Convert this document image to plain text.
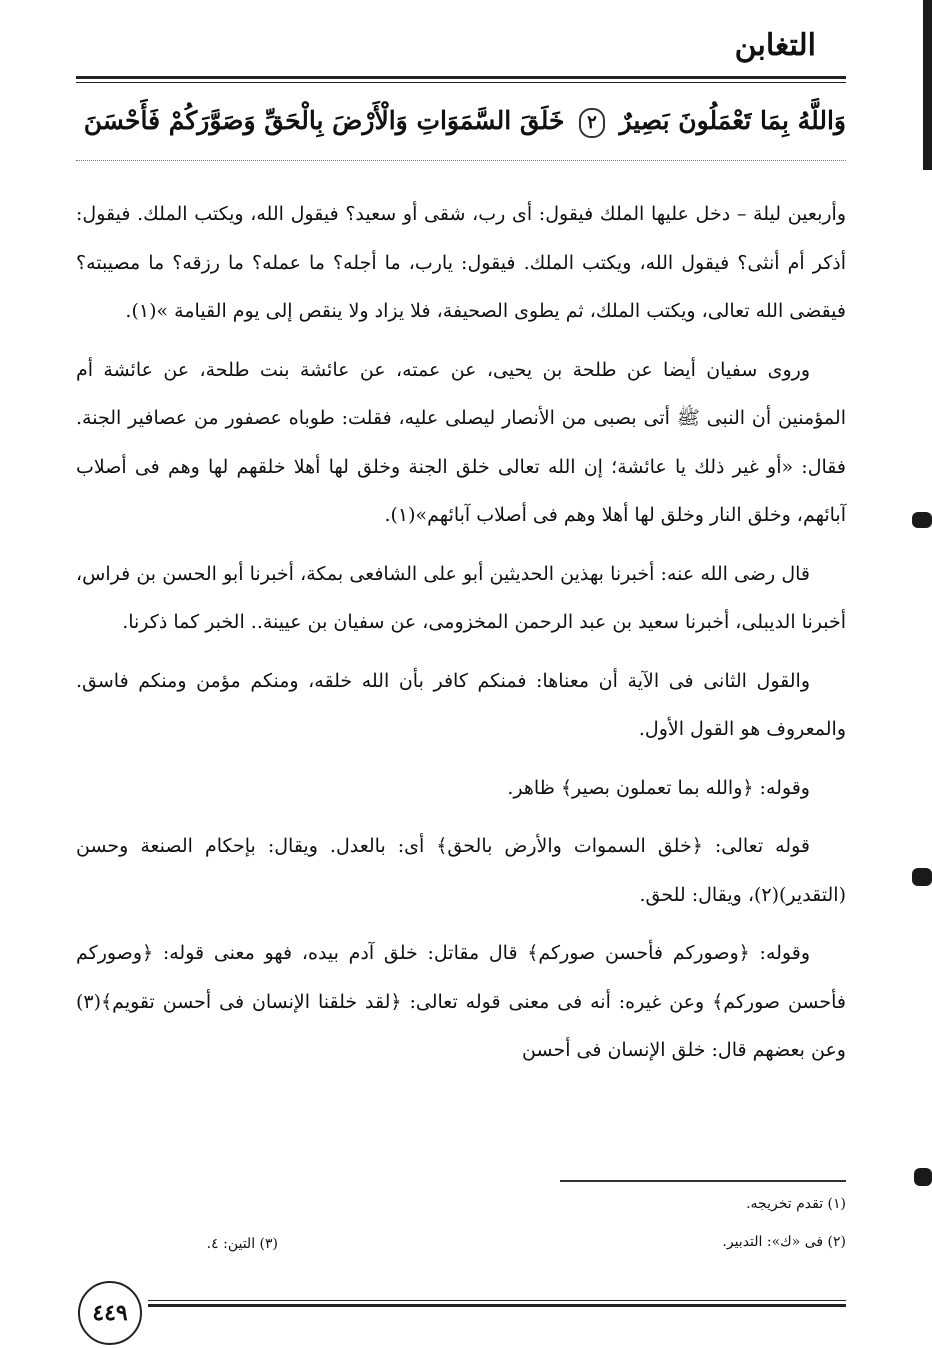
التغابن
وَاللَّهُ بِمَا تَعْمَلُونَ بَصِيرٌ ٢ خَلَقَ السَّمَوَاتِ وَالْأَرْضَ بِالْحَقِّ وَصَوَّرَكُمْ فَأَحْسَنَ

وأربعين ليلة – دخل عليها الملك فيقول: أى رب، شقى أو سعيد؟ فيقول الله، ويكتب الملك. فيقول: أذكر أم أنثى؟ فيقول الله، ويكتب الملك. فيقول: يارب، ما أجله؟ ما عمله؟ ما رزقه؟ ما مصيبته؟ فيقضى الله تعالى، ويكتب الملك، ثم يطوى الصحيفة، فلا يزاد ولا ينقص إلى يوم القيامة »(١).

وروى سفيان أيضا عن طلحة بن يحيى، عن عمته، عن عائشة بنت طلحة، عن عائشة أم المؤمنين أن النبى ﷺ أتى بصبى من الأنصار ليصلى عليه، فقلت: طوباه عصفور من عصافير الجنة. فقال: «أو غير ذلك يا عائشة؛ إن الله تعالى خلق الجنة وخلق لها أهلا خلقهم لها وهم فى أصلاب آبائهم، وخلق النار وخلق لها أهلا وهم فى أصلاب آبائهم»(١).

قال رضى الله عنه: أخبرنا بهذين الحديثين أبو على الشافعى بمكة، أخبرنا أبو الحسن بن فراس، أخبرنا الديبلى، أخبرنا سعيد بن عبد الرحمن المخزومى، عن سفيان بن عيينة.. الخبر كما ذكرنا.

والقول الثانى فى الآية أن معناها: فمنكم كافر بأن الله خلقه، ومنكم مؤمن ومنكم فاسق. والمعروف هو القول الأول.

وقوله: ﴿والله بما تعملون بصير﴾ ظاهر.

قوله تعالى: ﴿خلق السموات والأرض بالحق﴾ أى: بالعدل. ويقال: بإحكام الصنعة وحسن (التقدير)(٢)، ويقال: للحق.

وقوله: ﴿وصوركم فأحسن صوركم﴾ قال مقاتل: خلق آدم بيده، فهو معنى قوله: ﴿وصوركم فأحسن صوركم﴾ وعن غيره: أنه فى معنى قوله تعالى: ﴿لقد خلقنا الإنسان فى أحسن تقويم﴾(٣) وعن بعضهم قال: خلق الإنسان فى أحسن

(١) تقدم تخريجه.
(٢) فى «ك»: التدبير.
(٣) التين: ٤.
٤٤٩
